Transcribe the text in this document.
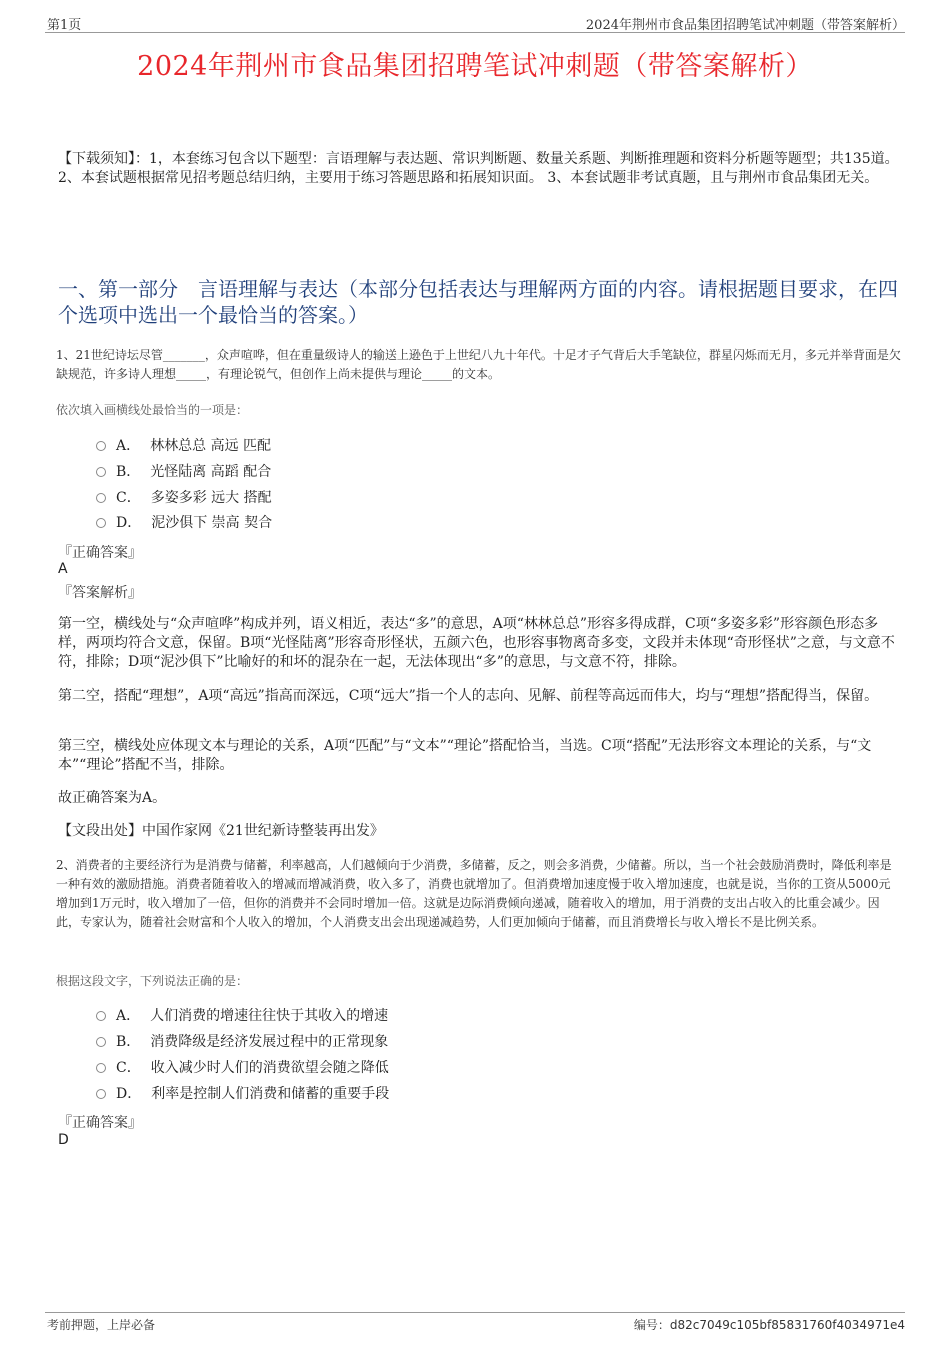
第1页	2024年荆州市食品集团招聘笔试冲刺题（带答案解析）
2024年荆州市食品集团招聘笔试冲刺题（带答案解析）
【下载须知】：1，本套练习包含以下题型：言语理解与表达题、常识判断题、数量关系题、判断推理题和资料分析题等题型；共135道。 2、本套试题根据常见招考题总结归纳，主要用于练习答题思路和拓展知识面。 3、本套试题非考试真题，且与荆州市食品集团无关。
一、第一部分　言语理解与表达（本部分包括表达与理解两方面的内容。请根据题目要求，在四个选项中选出一个最恰当的答案。）
1、21世纪诗坛尽管_______，众声喧哗，但在重量级诗人的输送上逊色于上世纪八九十年代。十足才子气背后大手笔缺位，群星闪烁而无月，多元并举背面是欠缺规范，许多诗人理想_____，有理论锐气，但创作上尚未提供与理论_____的文本。
依次填入画横线处最恰当的一项是：
A． 林林总总 高远 匹配
B． 光怪陆离 高蹈 配合
C． 多姿多彩 远大 搭配
D． 泥沙俱下 崇高 契合
『正确答案』
A
『答案解析』
第一空，横线处与“众声喧哗”构成并列，语义相近，表达“多”的意思，A项“林林总总”形容多得成群，C项“多姿多彩”形容颜色形态多样，两项均符合文意，保留。B项“光怪陆离”形容奇形怪状，五颜六色，也形容事物离奇多变，文段并未体现“奇形怪状”之意，与文意不符，排除；D项“泥沙俱下”比喻好的和坏的混杂在一起，无法体现出“多”的意思，与文意不符，排除。
第二空，搭配“理想”，A项“高远”指高而深远，C项“远大”指一个人的志向、见解、前程等高远而伟大，均与“理想”搭配得当，保留。
第三空，横线处应体现文本与理论的关系，A项“匹配”与“文本”“理论”搭配恰当，当选。C项“搭配”无法形容文本理论的关系，与“文本”“理论”搭配不当，排除。
故正确答案为A。
【文段出处】中国作家网《21世纪新诗整装再出发》
2、消费者的主要经济行为是消费与储蓄，利率越高，人们越倾向于少消费，多储蓄，反之，则会多消费，少储蓄。所以，当一个社会鼓励消费时，降低利率是一种有效的激励措施。消费者随着收入的增减而增减消费，收入多了，消费也就增加了。但消费增加速度慢于收入增加速度，也就是说，当你的工资从5000元增加到1万元时，收入增加了一倍，但你的消费并不会同时增加一倍。这就是边际消费倾向递减，随着收入的增加，用于消费的支出占收入的比重会减少。因此，专家认为，随着社会财富和个人收入的增加，个人消费支出会出现递减趋势，人们更加倾向于储蓄，而且消费增长与收入增长不是比例关系。
根据这段文字，下列说法正确的是：
A． 人们消费的增速往往快于其收入的增速
B． 消费降级是经济发展过程中的正常现象
C． 收入减少时人们的消费欲望会随之降低
D． 利率是控制人们消费和储蓄的重要手段
『正确答案』
D
考前押题，上岸必备	编号：d82c7049c105bf85831760f4034971e4
